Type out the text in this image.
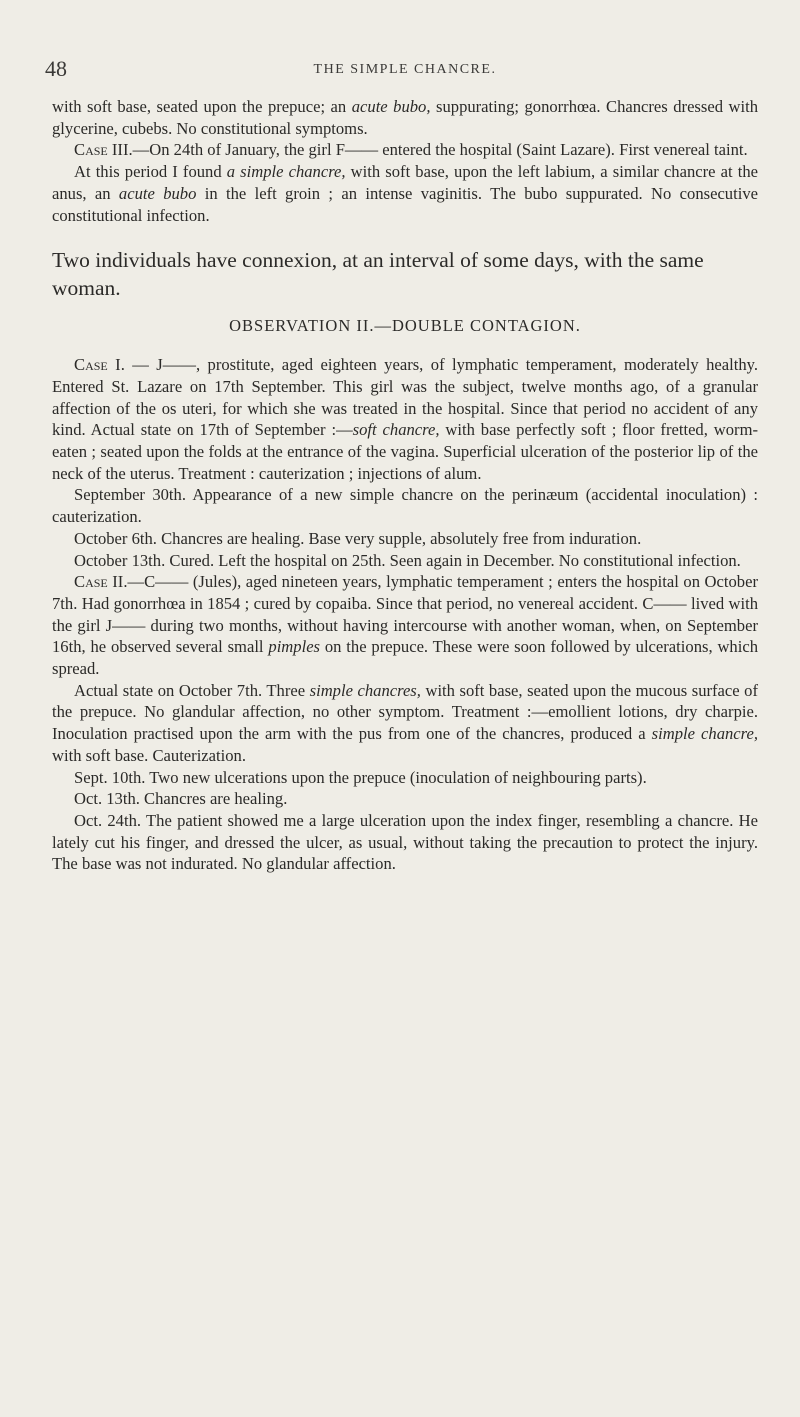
48	THE SIMPLE CHANCRE.

with soft base, seated upon the prepuce; an acute bubo, suppurating; gonorrhœa. Chancres dressed with glycerine, cubebs. No constitutional symptoms.

Case III.—On 24th of January, the girl F—— entered the hospital (Saint Lazare). First venereal taint.

At this period I found a simple chancre, with soft base, upon the left labium, a similar chancre at the anus, an acute bubo in the left groin ; an intense vaginitis. The bubo suppurated. No consecutive constitutional infection.

Two individuals have connexion, at an interval of some days, with the same woman.

OBSERVATION II.—DOUBLE CONTAGION.

Case I. — J——, prostitute, aged eighteen years, of lymphatic temperament, moderately healthy. Entered St. Lazare on 17th September. This girl was the subject, twelve months ago, of a granular affection of the os uteri, for which she was treated in the hospital. Since that period no accident of any kind. Actual state on 17th of September :—soft chancre, with base perfectly soft ; floor fretted, worm-eaten ; seated upon the folds at the entrance of the vagina. Superficial ulceration of the posterior lip of the neck of the uterus. Treatment : cauterization ; injections of alum.

September 30th. Appearance of a new simple chancre on the perinæum (accidental inoculation) : cauterization.

October 6th. Chancres are healing. Base very supple, absolutely free from induration.

October 13th. Cured. Left the hospital on 25th. Seen again in December. No constitutional infection.

Case II.—C—— (Jules), aged nineteen years, lymphatic temperament ; enters the hospital on October 7th. Had gonorrhœa in 1854 ; cured by copaiba. Since that period, no venereal accident. C—— lived with the girl J—— during two months, without having intercourse with another woman, when, on September 16th, he observed several small pimples on the prepuce. These were soon followed by ulcerations, which spread.

Actual state on October 7th. Three simple chancres, with soft base, seated upon the mucous surface of the prepuce. No glandular affection, no other symptom. Treatment :—emollient lotions, dry charpie. Inoculation practised upon the arm with the pus from one of the chancres, produced a simple chancre, with soft base. Cauterization.

Sept. 10th. Two new ulcerations upon the prepuce (inoculation of neighbouring parts).

Oct. 13th. Chancres are healing.

Oct. 24th. The patient showed me a large ulceration upon the index finger, resembling a chancre. He lately cut his finger, and dressed the ulcer, as usual, without taking the precaution to protect the injury. The base was not indurated. No glandular affection.
